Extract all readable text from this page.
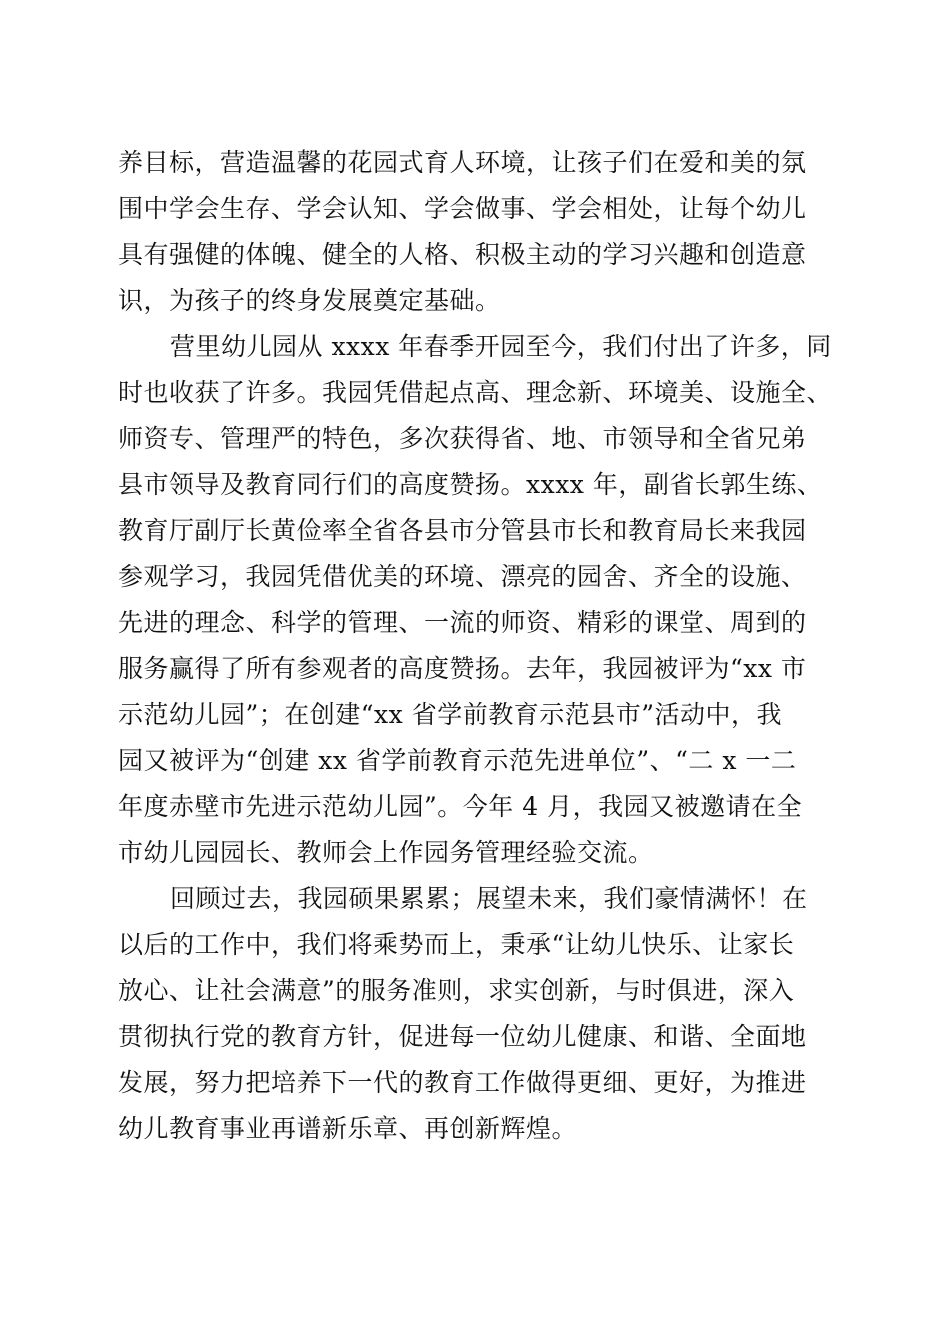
养目标，营造温馨的花园式育人环境，让孩子们在爱和美的氛
围中学会生存、学会认知、学会做事、学会相处，让每个幼儿
具有强健的体魄、健全的人格、积极主动的学习兴趣和创造意
识，为孩子的终身发展奠定基础。
营里幼儿园从 xxxx 年春季开园至今，我们付出了许多，同
时也收获了许多。我园凭借起点高、理念新、环境美、设施全、
师资专、管理严的特色，多次获得省、地、市领导和全省兄弟
县市领导及教育同行们的高度赞扬。xxxx 年，副省长郭生练、
教育厅副厅长黄俭率全省各县市分管县市长和教育局长来我园
参观学习，我园凭借优美的环境、漂亮的园舍、齐全的设施、
先进的理念、科学的管理、一流的师资、精彩的课堂、周到的
服务赢得了所有参观者的高度赞扬。去年，我园被评为“xx 市
示范幼儿园”；在创建“xx 省学前教育示范县市”活动中，我
园又被评为“创建 xx 省学前教育示范先进单位”、“二 x 一二
年度赤壁市先进示范幼儿园”。今年 4 月，我园又被邀请在全
市幼儿园园长、教师会上作园务管理经验交流。
回顾过去，我园硕果累累；展望未来，我们豪情满怀！在
以后的工作中，我们将乘势而上，秉承“让幼儿快乐、让家长
放心、让社会满意”的服务准则，求实创新，与时俱进，深入
贯彻执行党的教育方针，促进每一位幼儿健康、和谐、全面地
发展，努力把培养下一代的教育工作做得更细、更好，为推进
幼儿教育事业再谱新乐章、再创新辉煌。
